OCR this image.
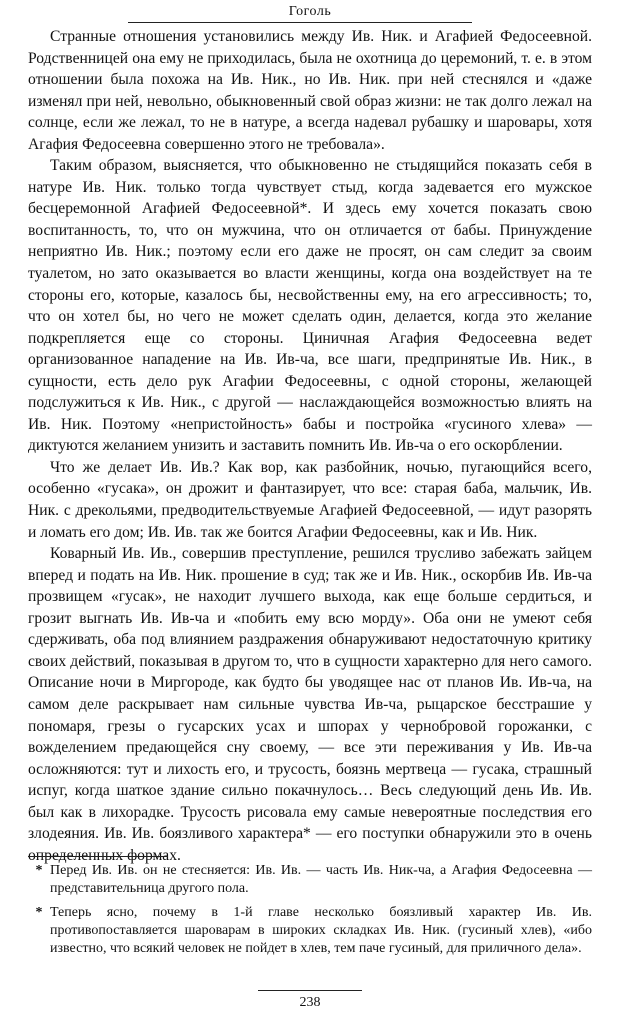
Гоголь

Странные отношения установились между Ив. Ник. и Агафией Федосеевной. Родственницей она ему не приходилась, была не охотница до церемоний, т. е. в этом отношении была похожа на Ив. Ник., но Ив. Ник. при ней стеснялся и «даже изменял при ней, невольно, обыкновенный свой образ жизни: не так долго лежал на солнце, если же лежал, то не в натуре, а всегда надевал рубашку и шаровары, хотя Агафия Федосеевна совершенно этого не требовала».

Таким образом, выясняется, что обыкновенно не стыдящийся показать себя в натуре Ив. Ник. только тогда чувствует стыд, когда задевается его мужское бесцеремонной Агафией Федосеевной*. И здесь ему хочется показать свою воспитанность, то, что он мужчина, что он отличается от бабы. Принуждение неприятно Ив. Ник.; поэтому если его даже не просят, он сам следит за своим туалетом, но зато оказывается во власти женщины, когда она воздействует на те стороны его, которые, казалось бы, несвойственны ему, на его агрессивность; то, что он хотел бы, но чего не может сделать один, делается, когда это желание подкрепляется еще со стороны. Циничная Агафия Федосеевна ведет организованное нападение на Ив. Ив-ча, все шаги, предпринятые Ив. Ник., в сущности, есть дело рук Агафии Федосеевны, с одной стороны, желающей подслужиться к Ив. Ник., с другой — наслаждающейся возможностью влиять на Ив. Ник. Поэтому «непристойность» бабы и постройка «гусиного хлева» — диктуются желанием унизить и заставить помнить Ив. Ив-ча о его оскорблении.

Что же делает Ив. Ив.? Как вор, как разбойник, ночью, пугающийся всего, особенно «гусака», он дрожит и фантазирует, что все: старая баба, мальчик, Ив. Ник. с дрекольями, предводительствуемые Агафией Федосеевной, — идут разорять и ломать его дом; Ив. Ив. так же боится Агафии Федосеевны, как и Ив. Ник.

Коварный Ив. Ив., совершив преступление, решился трусливо забежать зайцем вперед и подать на Ив. Ник. прошение в суд; так же и Ив. Ник., оскорбив Ив. Ив-ча прозвищем «гусак», не находит лучшего выхода, как еще больше сердиться, и грозит выгнать Ив. Ив-ча и «побить ему всю морду». Оба они не умеют себя сдерживать, оба под влиянием раздражения обнаруживают недостаточную критику своих действий, показывая в другом то, что в сущности характерно для него самого. Описание ночи в Миргороде, как будто бы уводящее нас от планов Ив. Ив-ча, на самом деле раскрывает нам сильные чувства Ив-ча, рыцарское бесстрашие у пономаря, грезы о гусарских усах и шпорах у чернобровой горожанки, с вожделением предающейся сну своему, — все эти переживания у Ив. Ив-ча осложняются: тут и лихость его, и трусость, боязнь мертвеца — гусака, страшный испуг, когда шаткое здание сильно покачнулось… Весь следующий день Ив. Ив. был как в лихорадке. Трусость рисовала ему самые невероятные последствия его злодеяния. Ив. Ив. боязливого характера* — его поступки обнаружили это в очень определенных формах.

* Перед Ив. Ив. он не стесняется: Ив. Ив. — часть Ив. Ник-ча, а Агафия Федосеевна — представительница другого пола.
* Теперь ясно, почему в 1-й главе несколько боязливый характер Ив. Ив. противопоставляется шароварам в широких складках Ив. Ник. (гусиный хлев), «ибо известно, что всякий человек не пойдет в хлев, тем паче гусиный, для приличного дела».
238
